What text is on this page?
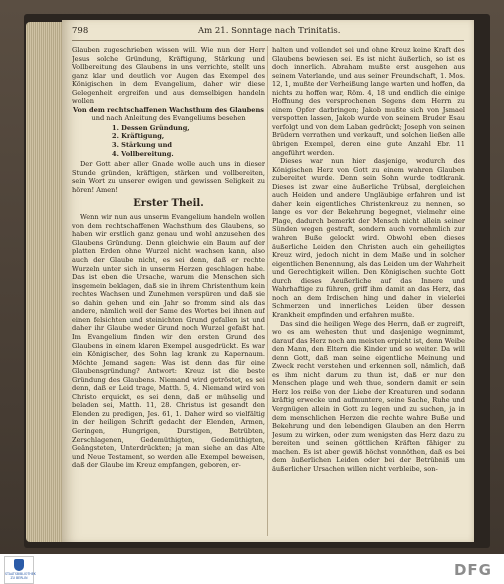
798	Am 21. Sonntage nach Trinitatis.

Glauben zugeschrieben wissen will. Wie nun der Herr Jesus solche Gründung, Kräftigung, Stärkung und Vollbereitung des Glaubens in uns verrichte, stellt uns ganz klar und deutlich vor Augen das Exempel des Königischen in dem Evangelium, daher wir diese Gelegenheit ergreifen und aus demselbigen handeln wollen

Von dem rechtschaffenen Wachsthum des Glaubens

und nach Anleitung des Evangeliums besehen

1. Dessen Gründung,
2. Kräftigung,
3. Stärkung und
4. Vollbereitung.

Der Gott aber aller Gnade wolle auch uns in dieser Stunde gründen, kräftigen, stärken und vollbereiten, sein Wort zu unserer ewigen und gewissen Seligkeit zu hören! Amen!

Erster Theil.

Wenn wir nun aus unserm Evangelium handeln wollen von dem rechtschaffenen Wachsthum des Glaubens, so haben wir erstlich ganz genau und wohl anzusehen des Glaubens Gründung. Denn gleichwie ein Baum auf der platten Erden ohne Wurzel nicht wachsen kann, also auch der Glaube nicht, es sei denn, daß er rechte Wurzeln unter sich in unserm Herzen geschlagen habe. Das ist eben die Ursache, warum die Menschen sich insgemein beklagen, daß sie in ihrem Christenthum kein rechtes Wachsen und Zunehmen verspüren und daß sie so dahin gehen und ein Jahr so fromm sind als das andere, nämlich weil der Same des Wortes bei ihnen auf einen felsichten und steinichten Grund gefallen ist und daher ihr Glaube weder Grund noch Wurzel gefaßt hat. Im Evangelium finden wir den ersten Grund des Glaubens in einem klaren Exempel ausgedrückt. Es war ein Königischer, des Sohn lag krank zu Kapernaum. Möchte Jemand sagen: Was ist denn das für eine Glaubensgründung? Antwort: Kreuz ist die beste Gründung des Glaubens. Niemand wird getröstet, es sei denn, daß er Leid trage, Matth. 5, 4. Niemand wird von Christo erquickt, es sei denn, daß er mühselig und beladen sei, Matth. 11, 28. Christus ist gesandt den Elenden zu predigen, Jes. 61, 1. Daher wird so vielfältig in der heiligen Schrift gedacht der Elenden, Armen, Geringen, Hungrigen, Durstigen, Betrübten, Zerschlagenen, Gedemüthigten, Gedemüthigten, Geängsteten, Unterdrückten; ja man siehe an das Alte und Neue Testament, so werden alle Exempel beweisen, daß der Glaube im Kreuz empfangen, geboren, er-

halten und vollendet sei und ohne Kreuz keine Kraft des Glaubens bewiesen sei. Es ist nicht äußerlich, so ist es doch innerlich. Abraham mußte erst ausgehen aus seinem Vaterlande, und aus seiner Freundschaft, 1. Mos. 12, 1, mußte der Verheißung lange warten und hoffen, da nichts zu hoffen war, Röm. 4, 18 und endlich die einige Hoffnung des versprochenen Segens dem Herrn zu einem Opfer darbringen; Jakob mußte sich von Jsmael verspotten lassen, Jakob wurde von seinem Bruder Esau verfolgt und von dem Laban gedrückt; Joseph von seinen Brüdern verrathen und verkauft, und solchen ließen alle übrigen Exempel, deren eine gute Anzahl Ebr. 11 angeführt werden.

Dieses war nun hier dasjenige, wodurch des Königischen Herz von Gott zu einem wahren Glauben zubereitet wurde. Denn sein Sohn wurde todtkrank. Dieses ist zwar eine äußerliche Trübsal, dergleichen auch Heiden und andere Ungläubige erfahren und ist daher kein eigentliches Christenkreuz zu nennen, so lange es vor der Bekehrung begegnet, vielmehr eine Plage, dadurch bemerkt der Mensch nicht allein seiner Sünden wegen gestraft, sondern auch vornehmlich zur wahren Buße gelockt wird. Obwohl eben dieses äußerliche Leiden den Christen auch ein geheiligtes Kreuz wird, jedoch nicht in dem Maße und in solcher eigentlichen Benennung, als das Leiden um der Wahrheit und Gerechtigkeit willen. Den Königischen suchte Gott durch dieses Aeußerliche auf das Innere und Wahrhaftige zu führen, griff ihm damit an das Herz, das noch an dem Irdischen hing und daher in vielerlei Schmerzen und innerliches Leiden über dessen Krankheit empfinden und erfahren mußte.

Das sind die heiligen Wege des Herrn, daß er zugreift, wo es am wehesten thut und dasjenige wegnimmt, darauf das Herz noch am meisten erpicht ist, denn Weibe den Mann, den Eltern die Kinder und so weiter. Da will denn Gott, daß man seine eigentliche Meinung und Zweck recht verstehen und erkennen soll, nämlich, daß es ihm nicht darum zu thun ist, daß er nur den Menschen plage und weh thue, sondern damit er sein Herz los reiße von der Liebe der Kreaturen und sodann kräftig erwecke und aufmuntere, seine Sache, Ruhe und Vergnügen allein in Gott zu legen und zu suchen, ja in dem menschlichen Herzen die rechte wahre Buße und Bekehrung und den lebendigen Glauben an den Herrn Jesum zu wirken, oder zum wenigsten das Herz dazu zu bereiten und seinen göttlichen Kräften fähiger zu machen. Es ist aber gewiß höchst vonnöthen, daß es bei dem äußerlichen Leiden oder bei der Betrübniß um äußerlicher Ursachen willen nicht verbleibe, son-

STAATSBIBLIOTHEK ZU BERLIN	DFG
